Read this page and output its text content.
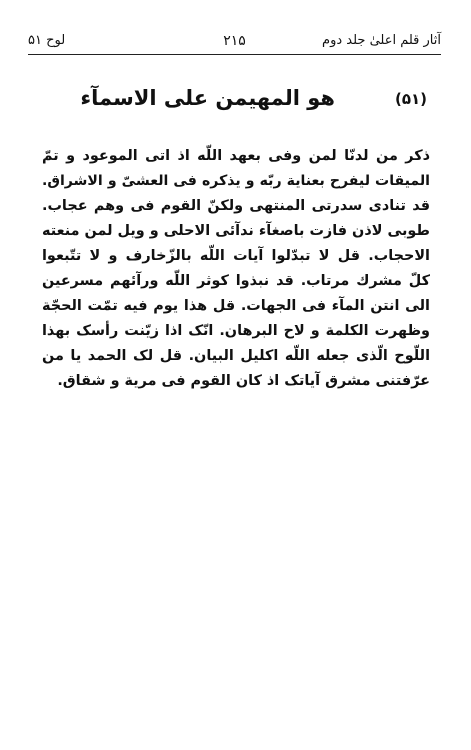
آثار قلم اعلیٰ جلد دوم
۲۱۵
لوح ۵۱
(۵۱)
هو المهيمن على الاسمآء
ذكر من لدنّا لمن وفى بعهد اللّه اذ اتى الموعود و تمّ
الميقات ليفرح بعناية ربّه و يذكره فى العشىّ و الاشراق.
قد تنادى سدرتى المنتهى ولكنّ القوم فى وهم عجاب.
طوبى لاذن فازت باصغآء ندآئى الاحلى و ويل لمن منعته
الاحجاب. قل لا تبدّلوا آيات اللّه بالزّخارف و لا تتّبعوا
كلّ مشرك مرتاب. قد نبذوا كوثر اللّه ورآئهم مسرعين
الى انتن المآء فى الجهات. قل هذا يوم فيه تمّت الحجّة
وظهرت الكلمة و لاح البرهان. انّک اذا زيّنت رأسک بهذا
اللّوح الّذى جعله اللّه اكليل البيان. قل لک الحمد يا من
عرّفتنى مشرق آياتک اذ كان القوم فى مرية و شقاق.
